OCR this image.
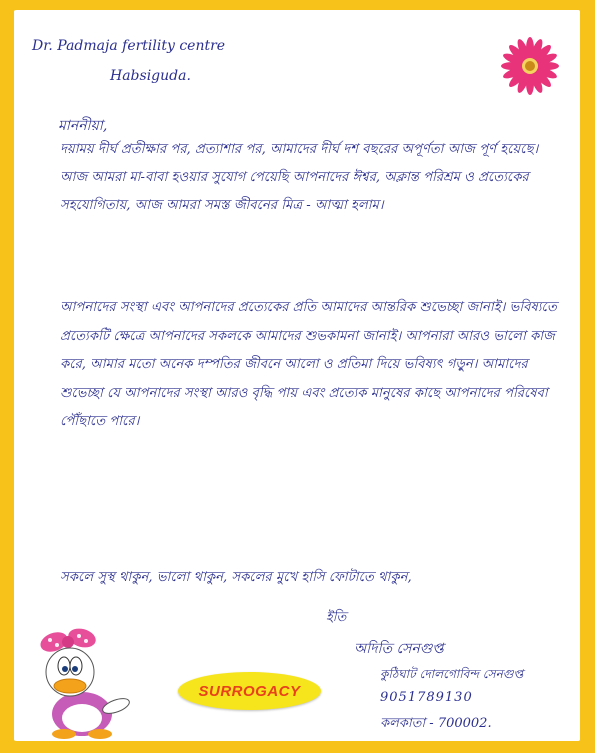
Dr. Padmaja fertility centre
Habsiguda.
মাননীয়া,
দয়াময় দীর্ঘ প্রতীক্ষার পর, প্রত্যাশার পর, আমাদের দীর্ঘ দশ বছরের অপূর্ণতা আজ পূর্ণ হয়েছে। আজ আমরা মা-বাবা হওয়ার সুযোগ পেয়েছি আপনাদের ঈশ্বর, অক্লান্ত পরিশ্রম ও প্রত্যেকের সহযোগিতায়, আজ আমরা সমস্ত জীবনের মিত্র - আত্মা হলাম।
আপনাদের সংস্থা এবং আপনাদের প্রত্যেকের প্রতি আমাদের আন্তরিক শুভেচ্ছা জানাই। ভবিষ্যতে প্রত্যেকটি ক্ষেত্রে আপনাদের সকলকে আমাদের শুভকামনা জানাই। আপনারা আরও ভালো কাজ করে, আমার মতো অনেক দম্পতির জীবনে আলো ও প্রতিমা দিয়ে ভবিষ্যৎ গড়ুন। আমাদের শুভেচ্ছা যে আপনাদের সংস্থা আরও বৃদ্ধি পায় এবং প্রত্যেক মানুষের কাছে আপনাদের পরিষেবা পৌঁছাতে পারে।
সকলে সুস্থ থাকুন, ভালো থাকুন, সকলের মুখে হাসি ফোটাতে থাকুন,
ইতি
অদিতি সেনগুপ্ত
কুঠিঘাট দোলগোবিন্দ সেনগুপ্ত
9051789130
কলকাতা - 700002.
SURROGACY
